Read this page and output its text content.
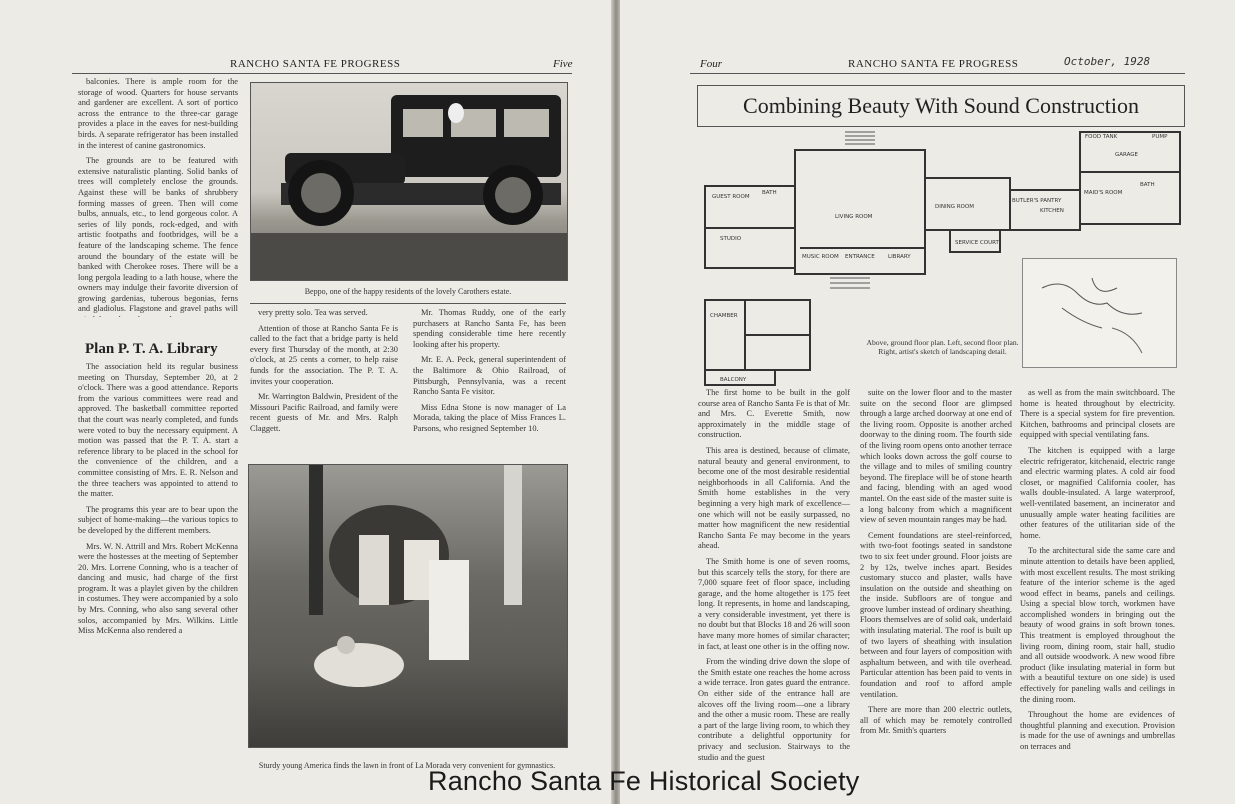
RANCHO SANTA FE PROGRESS	Five

balconies. There is ample room for the storage of wood. Quarters for house servants and gardener are excellent. A sort of portico across the entrance to the three-car garage provides a place in the eaves for nest-building birds. A separate refrigerator has been installed in the interest of canine gastronomics.

The grounds are to be featured with extensive naturalistic planting. Solid banks of trees will completely enclose the grounds. Against these will be banks of shrubbery forming masses of green. Then will come bulbs, annuals, etc., to lend gorgeous color. A series of lily ponds, rock-edged, and with artistic footpaths and footbridges, will be a feature of the landscaping scheme. The fence around the boundary of the estate will be banked with Cherokee roses. There will be a long pergola leading to a lath house, where the owners may indulge their favorite diversion of growing gardenias, tuberous begonias, ferns and gladiolus. Flagstone and gravel paths will

Beppo, one of the happy residents of the lovely Carothers estate.

very pretty solo. Tea was served.

Attention of those at Rancho Santa Fe is called to the fact that a bridge party is held every first Thursday of the month, at 2:30 o'clock, at 25 cents a corner, to help raise funds for the association. The P. T. A. invites your cooperation.

Mr. Warrington Baldwin, President of the Missouri Pacific Railroad, and family were recent guests of Mr. and Mrs. Ralph Claggett.

Mr. Thomas Ruddy, one of the early purchasers at Rancho Santa Fe, has been spending considerable time here recently looking after his property.

Mr. E. A. Peck, general superintendent of the Baltimore & Ohio Railroad, of Pittsburgh, Pennsylvania, was a recent Rancho Santa Fe visitor.

Miss Edna Stone is now manager of La Morada, taking the place of Miss Frances L. Parsons, who resigned September 10.

Plan P. T. A. Library

The association held its regular business meeting on Thursday, September 20, at 2 o'clock. There was a good attendance. Reports from the various committees were read and approved. The basketball committee reported that the court was nearly completed, and funds were voted to buy the necessary equipment. A motion was passed that the P. T. A. start a reference library to be placed in the school for the convenience of the children, and a committee consisting of Mrs. E. R. Nelson and the three teachers was appointed to attend to the matter.

The programs this year are to bear upon the subject of home-making—the various topics to be developed by the different members.

Mrs. W. N. Attrill and Mrs. Robert McKenna were the hostesses at the meeting of September 20. Mrs. Lorrene Conning, who is a teacher of dancing and music, had charge of the first program. It was a playlet given by the children in costumes. They were accompanied by a solo by Mrs. Conning, who also sang several other solos, accompanied by Mrs. Wilkins. Little Miss McKenna also rendered a

Sturdy young America finds the lawn in front of La Morada very convenient for gymnastics.
Four	RANCHO SANTA FE PROGRESS	October, 1928
Combining Beauty With Sound Construction
GUEST ROOM
BATH
STUDIO
LIVING ROOM
MUSIC ROOM ENTRANCE LIBRARY
DINING ROOM
SERVICE COURT
BUTLER'S PANTRY
KITCHEN
MAID'S ROOM
BATH
GARAGE
FOOD TANK	PUMP
CHAMBER
BALCONY
Above, ground floor plan. Left, second floor plan. Right, artist's sketch of landscaping detail.

The first home to be built in the golf course area of Rancho Santa Fe is that of Mr. and Mrs. C. Everette Smith, now approximately in the middle stage of construction.

This area is destined, because of climate, natural beauty and general environment, to become one of the most desirable residential neighborhoods in all California. And the Smith home establishes in the very beginning a very high mark of excellence—one which will not be easily surpassed, no matter how magnificent the new residential Rancho Santa Fe may become in the years ahead.

The Smith home is one of seven rooms, but this scarcely tells the story, for there are 7,000 square feet of floor space, including garage, and the home altogether is 175 feet long. It represents, in home and landscaping, a very considerable investment, yet there is no doubt but that Blocks 18 and 26 will soon have many more homes of similar character; in fact, at least one other is in the offing now.

From the winding drive down the slope of the Smith estate one reaches the home across a wide terrace. Iron gates guard the entrance. On either side of the entrance hall are alcoves off the living room—one a library and the other a music room. These are really a part of the large living room, to which they contribute a delightful opportunity for privacy and seclusion. Stairways to the studio and the guest

suite on the lower floor and to the master suite on the second floor are glimpsed through a large arched doorway at one end of the living room. Opposite is another arched doorway to the dining room. The fourth side of the living room opens onto another terrace which looks down across the golf course to the village and to miles of smiling country beyond. The fireplace will be of stone hearth and facing, blending with an aged wood mantel. On the east side of the master suite is a long balcony from which a magnificent view of seven mountain ranges may be had.

Cement foundations are steel-reinforced, with two-foot footings seated in sandstone two to six feet under ground. Floor joists are 2 by 12s, twelve inches apart. Besides customary stucco and plaster, walls have insulation on the outside and sheathing on the inside. Subfloors are of tongue and groove lumber instead of ordinary sheathing. Floors themselves are of solid oak, underlaid with insulating material. The roof is built up of two layers of sheathing with insulation between and four layers of composition with asphaltum between, and with tile overhead. Particular attention has been paid to vents in foundation and roof to afford ample ventilation.

There are more than 200 electric outlets, all of which may be remotely controlled from Mr. Smith's quarters

as well as from the main switchboard. The home is heated throughout by electricity. There is a special system for fire prevention. Kitchen, bathrooms and principal closets are equipped with special ventilating fans.

The kitchen is equipped with a large electric refrigerator, kitchenaid, electric range and electric warming plates. A cold air food closet, or magnified California cooler, has walls double-insulated. A large waterproof, well-ventilated basement, an incinerator and unusually ample water heating facilities are other features of the utilitarian side of the home.

To the architectural side the same care and minute attention to details have been applied, with most excellent results. The most striking feature of the interior scheme is the aged wood effect in beams, panels and ceilings. Using a special blow torch, workmen have accomplished wonders in bringing out the beauty of wood grains in soft brown tones. This treatment is employed throughout the living room, dining room, stair hall, studio and all outside woodwork. A new wood fibre product (like insulating material in form but with a beautiful texture on one side) is used effectively for paneling walls and ceilings in the dining room.

Throughout the home are evidences of thoughtful planning and execution. Provision is made for the use of awnings and umbrellas on terraces and

Rancho Santa Fe Historical Society
